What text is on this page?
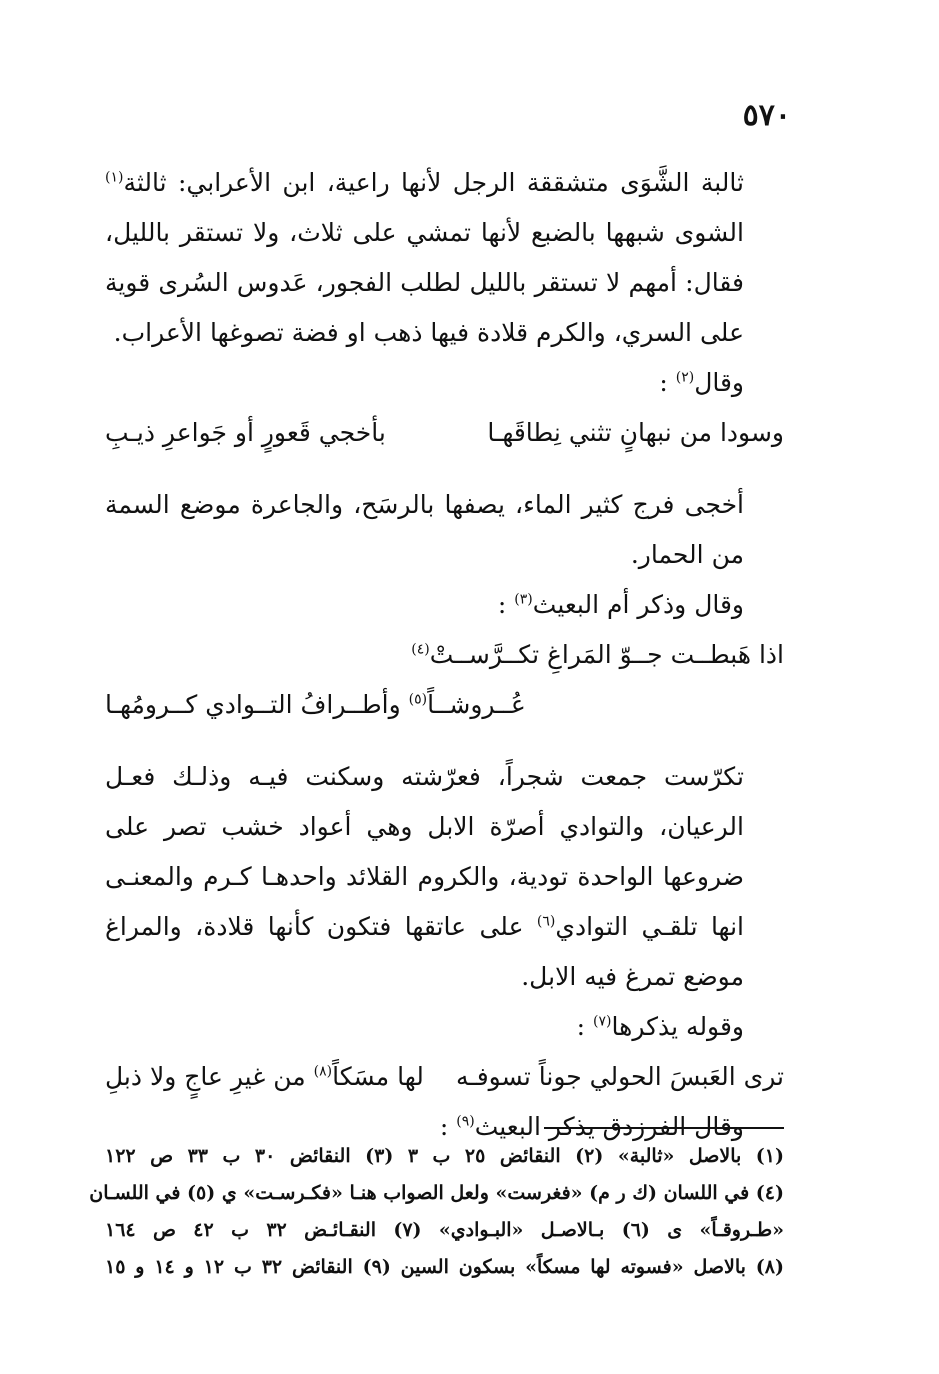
٥٧٠

ثالبة الشَّوَى متشققة الرجل لأنها راعية، ابن الأعرابي: ثالثة$^{(١)}$ الشوى شبهها بالضبع لأنها تمشي على ثلاث، ولا تستقر بالليل، فقال: أمهم لا تستقر بالليل لطلب الفجور، عَدوس السُرى قوية على السري، والكرم قلادة فيها ذهب او فضة تصوغها الأعراب.

وقال$^{(٢)}$ :

وسودا من نبهانٍ تثني نِطاقَهـا
بأخجي قَعورٍ أو جَواعرِ ذيـبِ

أخجى فرج كثير الماء، يصفها بالرسَح، والجاعرة موضع السمة من الحمار.

وقال وذكر أم البعيث$^{(٣)}$ :

اذا هَبطــت جــوّ المَراغِ تكــرَّســتْ$^{(٤)}$

عُــروشــاً$^{(٥)}$ وأطــرافُ التــوادي كــرومُهـا

تكرّست جمعت شجراً، فعرّشته وسكنت فيـه وذلـك فعـل الرعيان، والتوادي أصرّة الابل وهي أعواد خشب تصر على ضروعها الواحدة تودية، والكروم القلائد واحدهـا كـرم والمعنـى انها تلقـي التوادي$^{(٦)}$ على عاتقها فتكون كأنها قلادة، والمراغ موضع تمرغ فيه الابل.

وقوله يذكرها$^{(٧)}$ :

ترى العَبسَ الحولي جوناً تسوفـه
لها مسَكاً$^{(٨)}$ من غيرِ عاجٍ ولا ذبلِ

وقال الفرزدق يذكر البعيث$^{(٩)}$ :

(١) بالاصل «ثالبة» (٢) النقائض ٢٥ ب ٣ (٣) النقائض ٣٠ ب ٣٣ ص ١٢٢

(٤) في اللسان (ك ر م) «فغرست» ولعل الصواب هنـا «فكـرسـت» ي (٥) في اللسـان

«طـروقـاً» ى (٦) بـالاصـل «البـوادي» (٧) النقـائـض ٣٢ ب ٤٢ ص ١٦٤

(٨) بالاصل «فسوته لها مسكاً» بسكون السين (٩) النقائض ٣٢ ب ١٢ و ١٤ و ١٥
